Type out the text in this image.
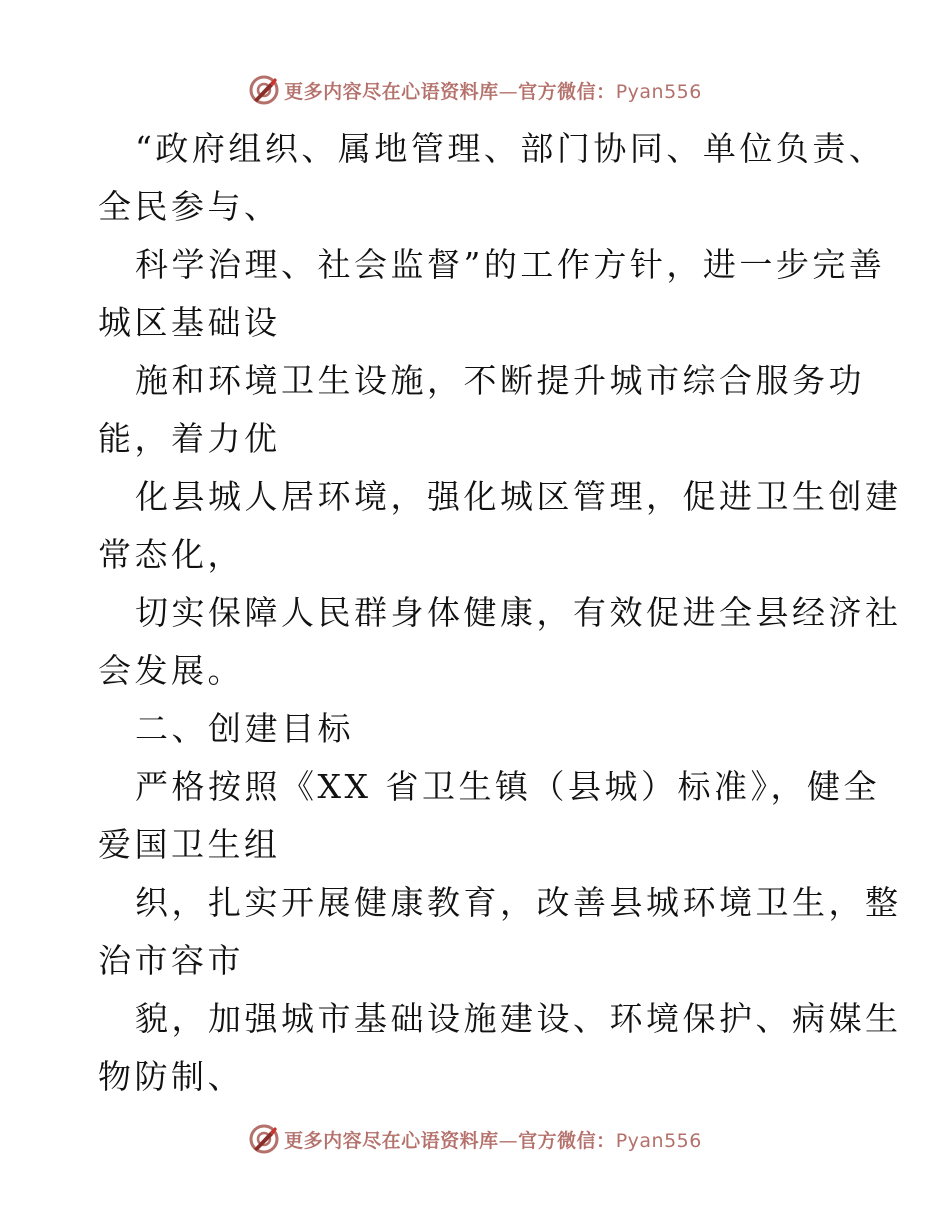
更多内容尽在心语资料库—官方微信：Pyan556
“政府组织、属地管理、部门协同、单位负责、
全民参与、
科学治理、社会监督”的工作方针，进一步完善
城区基础设
施和环境卫生设施，不断提升城市综合服务功
能，着力优
化县城人居环境，强化城区管理，促进卫生创建
常态化，
切实保障人民群身体健康，有效促进全县经济社
会发展。
二、创建目标
严格按照《XX 省卫生镇（县城）标准》，健全
爱国卫生组
织，扎实开展健康教育，改善县城环境卫生，整
治市容市
貌，加强城市基础设施建设、环境保护、病媒生
物防制、
更多内容尽在心语资料库—官方微信：Pyan556
